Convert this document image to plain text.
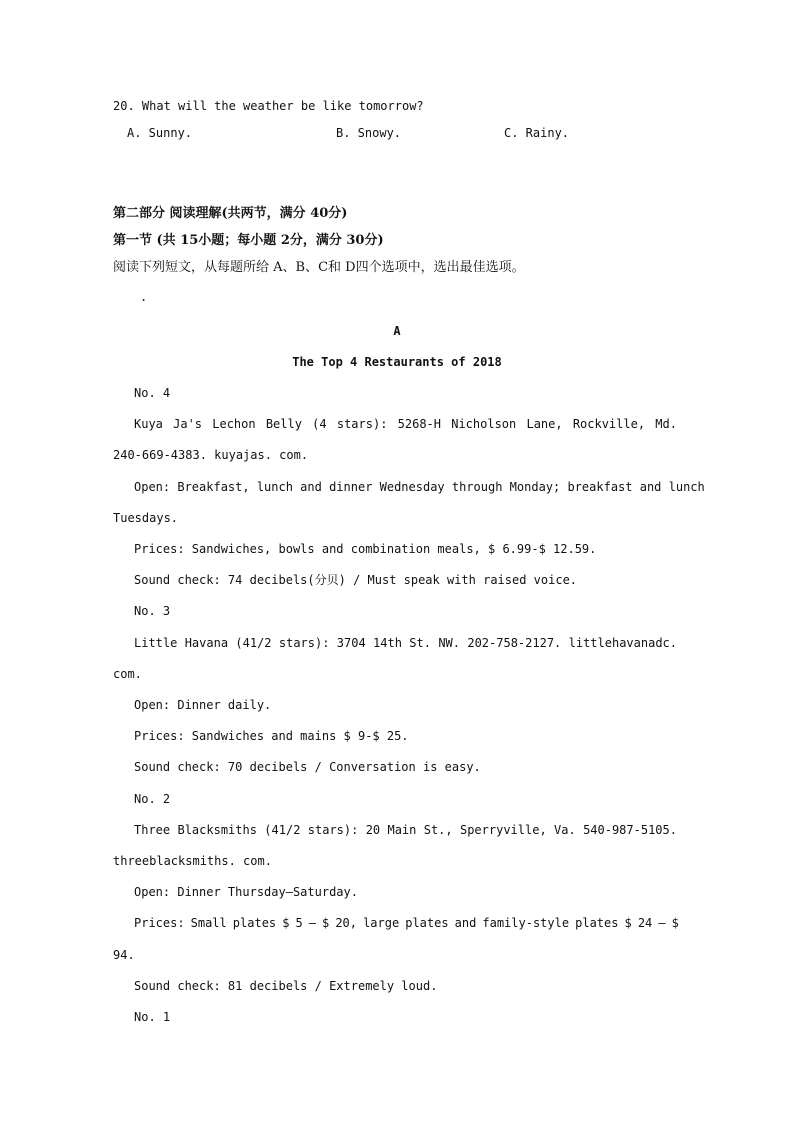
20. What will the weather be like tomorrow?
A. Sunny.	B. Snowy.	C. Rainy.
第二部分 阅读理解(共两节，满分 40分)
第一节 (共 15小题；每小题 2分，满分 30分)
阅读下列短文，从每题所给 A、B、C和 D四个选项中，选出最佳选项。
.
A
The Top 4 Restaurants of 2018
No. 4
Kuya Ja's Lechon Belly (4 stars): 5268-H Nicholson Lane, Rockville, Md.
240-669-4383. kuyajas. com.
Open: Breakfast, lunch and dinner Wednesday through Monday; breakfast and lunch
Tuesdays.
Prices: Sandwiches, bowls and combination meals, $ 6.99-$ 12.59.
Sound check: 74 decibels(分贝) / Must speak with raised voice.
No. 3
Little Havana (41/2 stars): 3704 14th St. NW. 202-758-2127. littlehavanadc.
com.
Open: Dinner daily.
Prices: Sandwiches and mains $ 9-$ 25.
Sound check: 70 decibels / Conversation is easy.
No. 2
Three Blacksmiths (41/2 stars): 20 Main St., Sperryville, Va. 540-987-5105.
threeblacksmiths. com.
Open: Dinner Thursday—Saturday.
Prices: Small plates $ 5 – $ 20, large plates and family-style plates $ 24 – $
94.
Sound check: 81 decibels / Extremely loud.
No. 1
